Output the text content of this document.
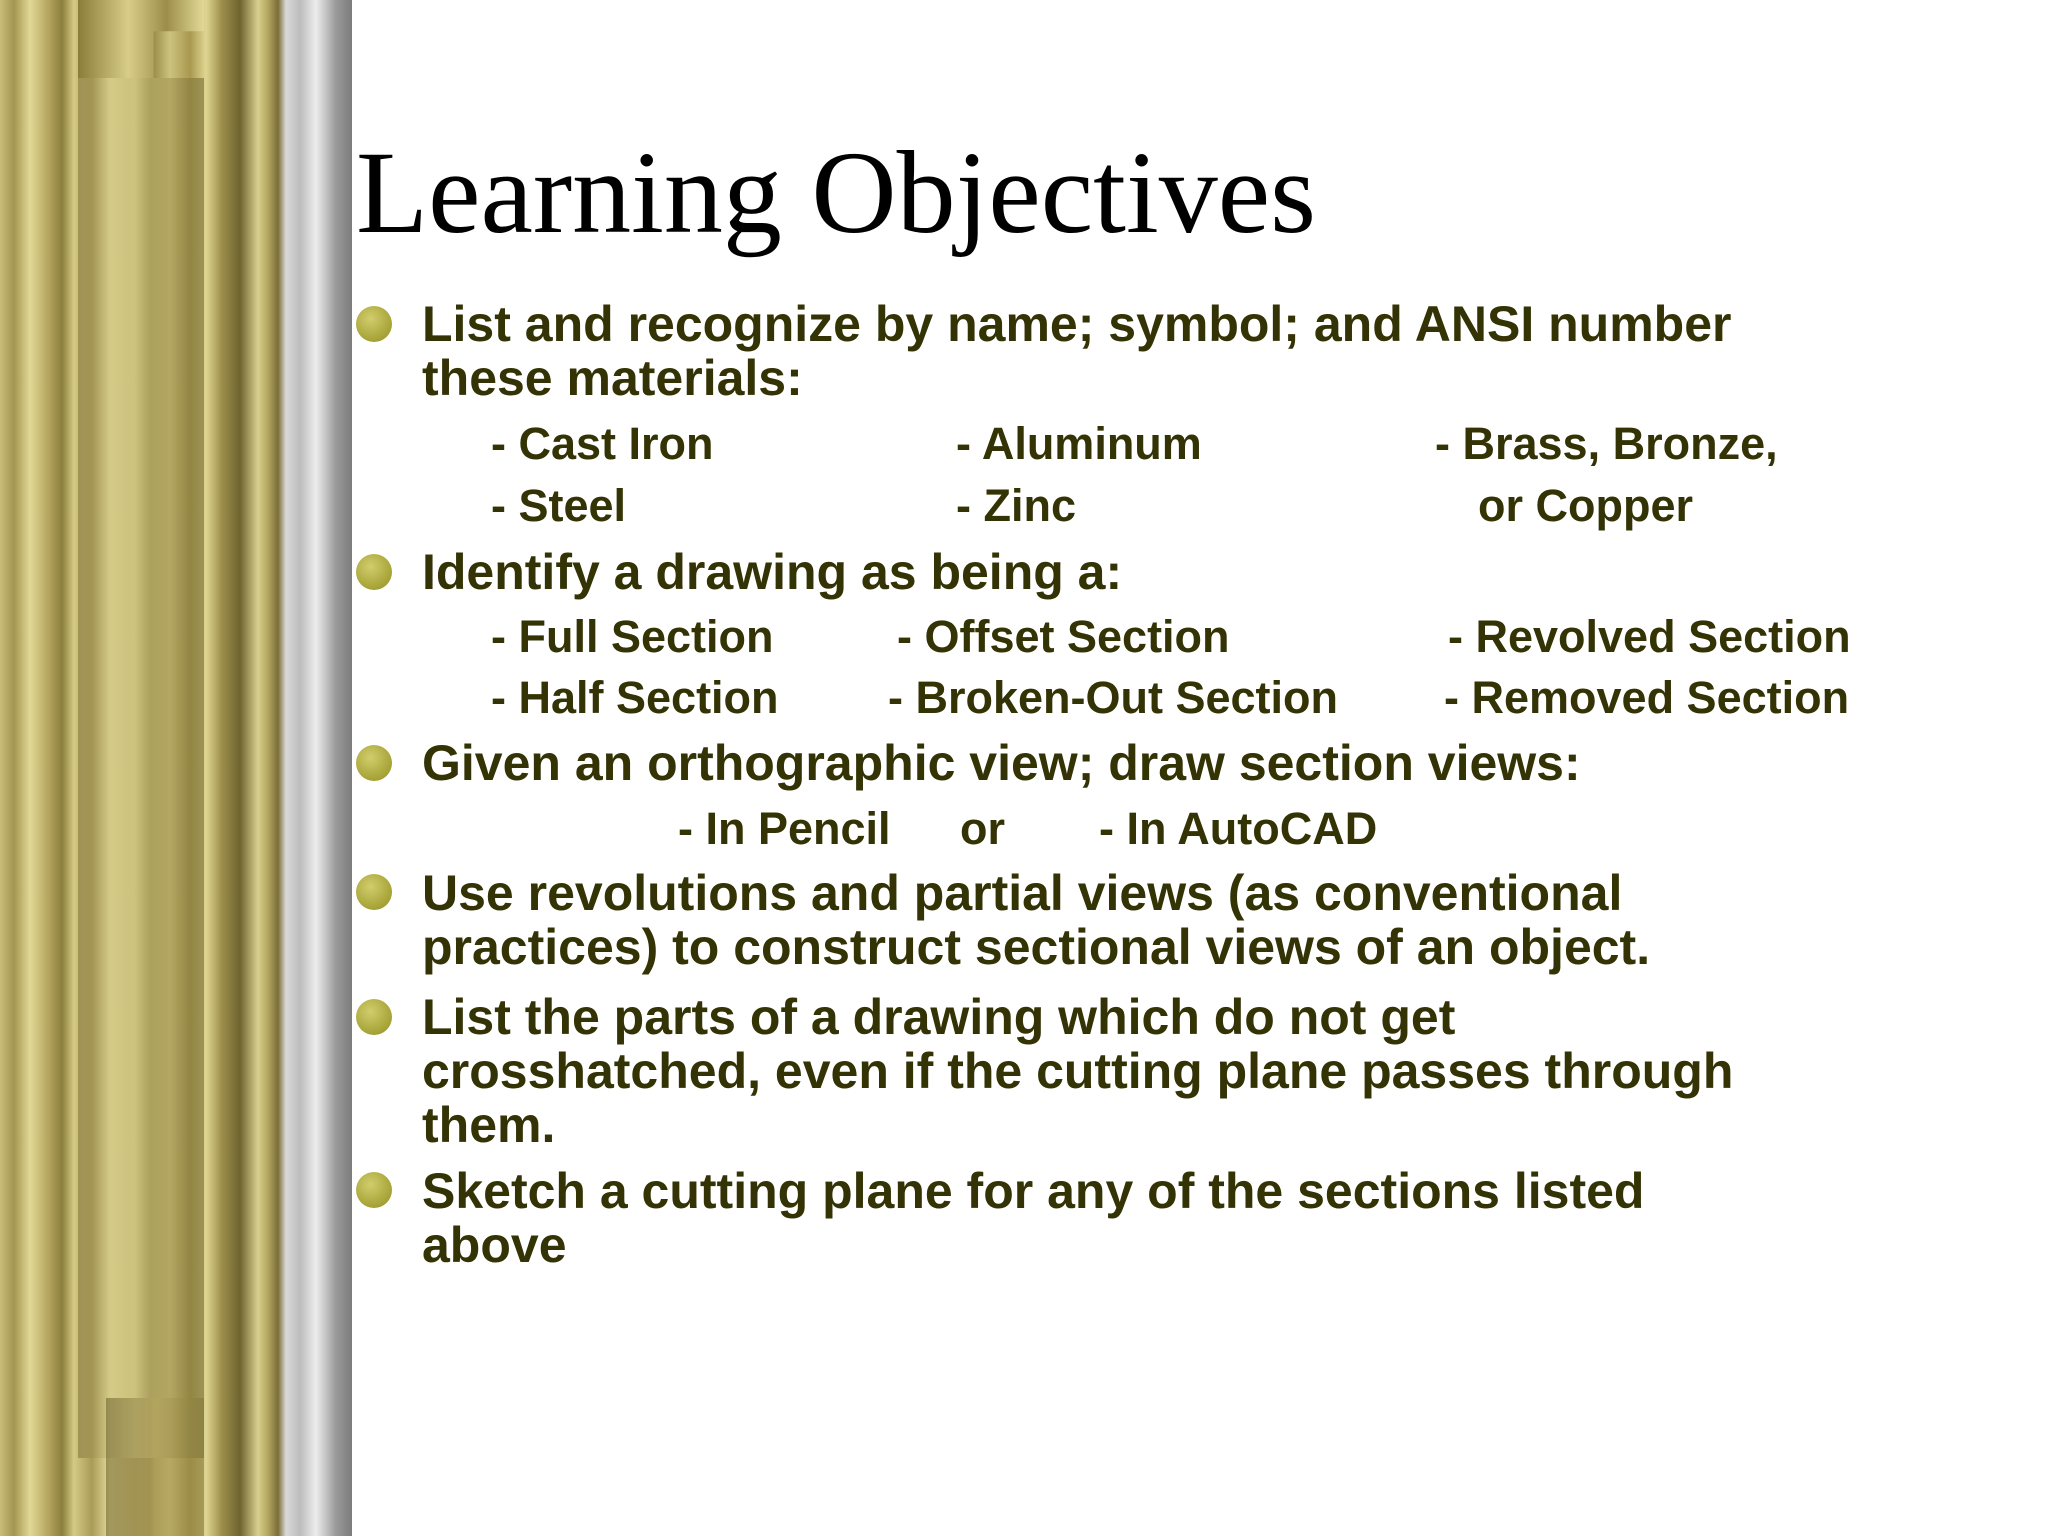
Learning Objectives
List and recognize by name; symbol; and ANSI number
these materials:
- Cast Iron	- Aluminum	- Brass, Bronze,
- Steel	- Zinc	or Copper
Identify a drawing as being a:
- Full Section	- Offset Section	- Revolved Section
- Half Section - Broken-Out Section - Removed Section
Given an orthographic view; draw section views:
- In Pencil or - In AutoCAD
Use revolutions and partial views (as conventional
practices) to construct sectional views of an object.
List the parts of a drawing which do not get
crosshatched, even if the cutting plane passes through
them.
Sketch a cutting plane for any of the sections listed
above
